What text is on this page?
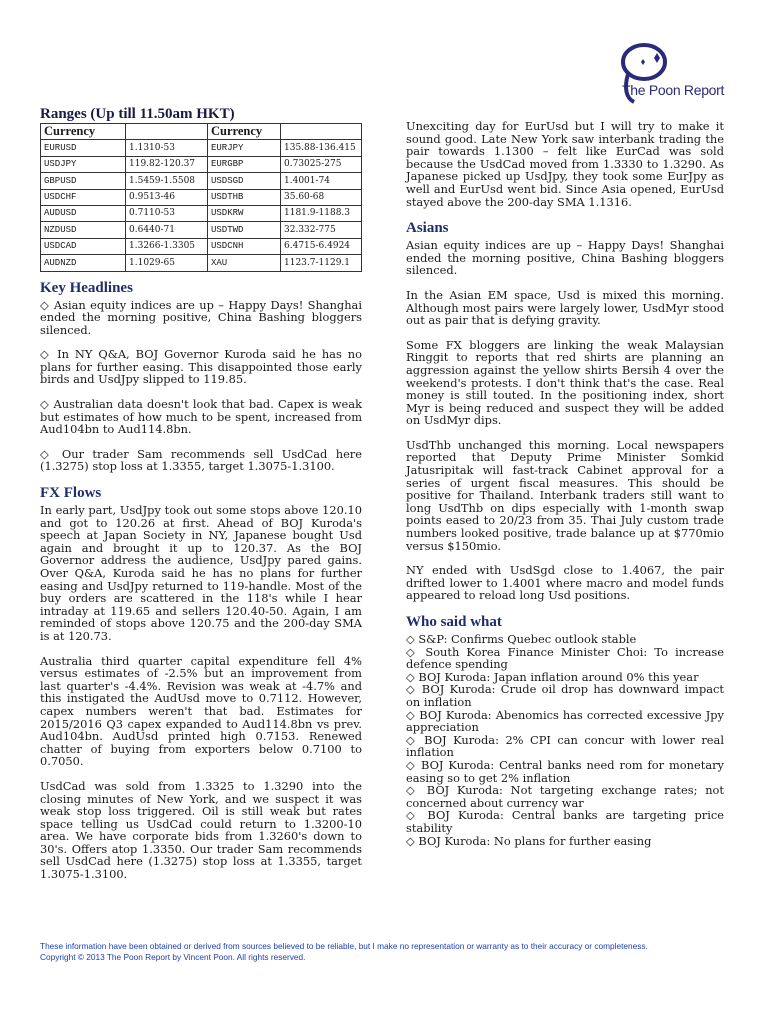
The Poon Report
Ranges (Up till 11.50am HKT)
Currency		Currency	
EURUSD	1.1310-53	EURJPY	135.88-136.415
USDJPY	119.82-120.37	EURGBP	0.73025-275
GBPUSD	1.5459-1.5508	USDSGD	1.4001-74
USDCHF	0.9513-46	USDTHB	35.60-68
AUDUSD	0.7110-53	USDKRW	1181.9-1188.3
NZDUSD	0.6440-71	USDTWD	32.332-775
USDCAD	1.3266-1.3305	USDCNH	6.4715-6.4924
AUDNZD	1.1029-65	XAU	1123.7-1129.1
Key Headlines

◇ Asian equity indices are up – Happy Days! Shanghai ended the morning positive, China Bashing bloggers silenced.

◇ In NY Q&A, BOJ Governor Kuroda said he has no plans for further easing. This disappointed those early birds and UsdJpy slipped to 119.85.

◇ Australian data doesn't look that bad. Capex is weak but estimates of how much to be spent, increased from Aud104bn to Aud114.8bn.

◇ Our trader Sam recommends sell UsdCad here (1.3275) stop loss at 1.3355, target 1.3075-1.3100.

FX Flows

In early part, UsdJpy took out some stops above 120.10 and got to 120.26 at first. Ahead of BOJ Kuroda's speech at Japan Society in NY, Japanese bought Usd again and brought it up to 120.37. As the BOJ Governor address the audience, UsdJpy pared gains. Over Q&A, Kuroda said he has no plans for further easing and UsdJpy returned to 119-handle. Most of the buy orders are scattered in the 118's while I hear intraday at 119.65 and sellers 120.40-50. Again, I am reminded of stops above 120.75 and the 200-day SMA is at 120.73.

Australia third quarter capital expenditure fell 4% versus estimates of -2.5% but an improvement from last quarter's -4.4%. Revision was weak at -4.7% and this instigated the AudUsd move to 0.7112. However, capex numbers weren't that bad. Estimates for 2015/2016 Q3 capex expanded to Aud114.8bn vs prev. Aud104bn. AudUsd printed high 0.7153. Renewed chatter of buying from exporters below 0.7100 to 0.7050.

UsdCad was sold from 1.3325 to 1.3290 into the closing minutes of New York, and we suspect it was weak stop loss triggered. Oil is still weak but rates space telling us UsdCad could return to 1.3200-10 area. We have corporate bids from 1.3260's down to 30's. Offers atop 1.3350. Our trader Sam recommends sell UsdCad here (1.3275) stop loss at 1.3355, target 1.3075-1.3100.

Unexciting day for EurUsd but I will try to make it sound good. Late New York saw interbank trading the pair towards 1.1300 – felt like EurCad was sold because the UsdCad moved from 1.3330 to 1.3290. As Japanese picked up UsdJpy, they took some EurJpy as well and EurUsd went bid. Since Asia opened, EurUsd stayed above the 200-day SMA 1.1316.

Asians

Asian equity indices are up – Happy Days! Shanghai ended the morning positive, China Bashing bloggers silenced.

In the Asian EM space, Usd is mixed this morning. Although most pairs were largely lower, UsdMyr stood out as pair that is defying gravity.

Some FX bloggers are linking the weak Malaysian Ringgit to reports that red shirts are planning an aggression against the yellow shirts Bersih 4 over the weekend's protests. I don't think that's the case. Real money is still touted. In the positioning index, short Myr is being reduced and suspect they will be added on UsdMyr dips.

UsdThb unchanged this morning. Local newspapers reported that Deputy Prime Minister Somkid Jatusripitak will fast-track Cabinet approval for a series of urgent fiscal measures. This should be positive for Thailand. Interbank traders still want to long UsdThb on dips especially with 1-month swap points eased to 20/23 from 35. Thai July custom trade numbers looked positive, trade balance up at $770mio versus $150mio.

NY ended with UsdSgd close to 1.4067, the pair drifted lower to 1.4001 where macro and model funds appeared to reload long Usd positions.

Who said what
◇ S&P: Confirms Quebec outlook stable
◇ South Korea Finance Minister Choi: To increase defence spending
◇ BOJ Kuroda: Japan inflation around 0% this year
◇ BOJ Kuroda: Crude oil drop has downward impact on inflation
◇ BOJ Kuroda: Abenomics has corrected excessive Jpy appreciation
◇ BOJ Kuroda: 2% CPI can concur with lower real inflation
◇ BOJ Kuroda: Central banks need rom for monetary easing so to get 2% inflation
◇ BOJ Kuroda: Not targeting exchange rates; not concerned about currency war
◇ BOJ Kuroda: Central banks are targeting price stability
◇ BOJ Kuroda: No plans for further easing
These information have been obtained or derived from sources believed to be reliable, but I make no representation or warranty as to their accuracy or completeness.
Copyright © 2013 The Poon Report by Vincent Poon. All rights reserved.
